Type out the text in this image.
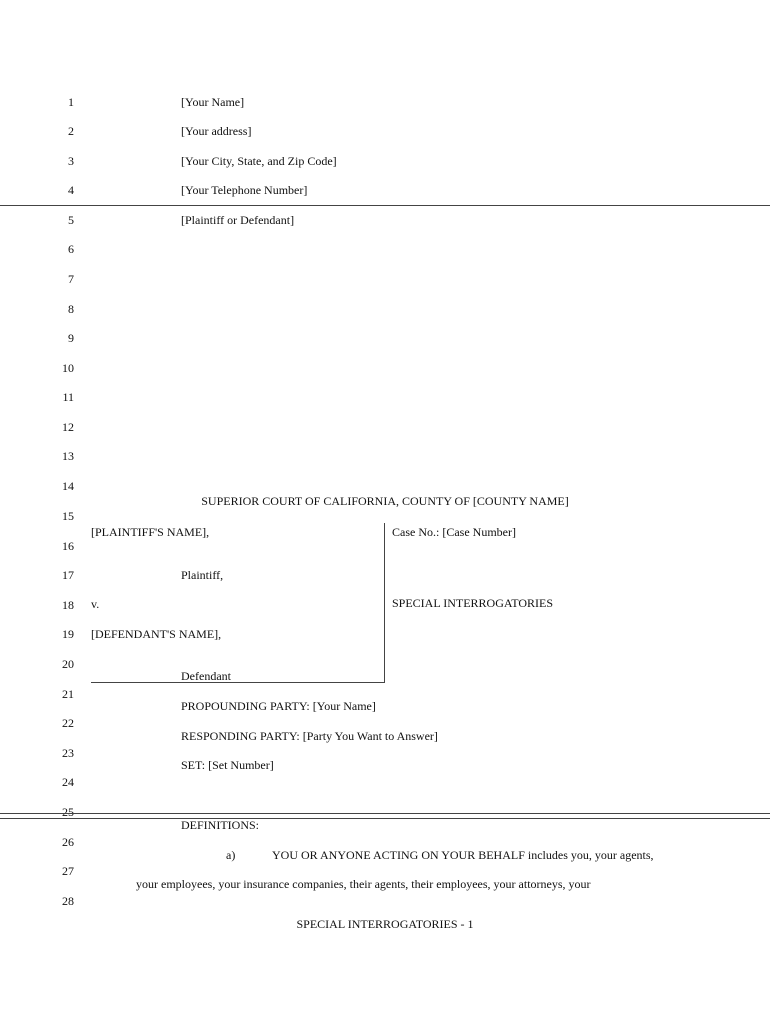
1
2
3
4
5
6
7
8
9
10
11
12
13
14
15
16
17
18
19
20
21
22
23
24
25
26
27
28
[Your Name]
[Your address]
[Your City, State, and Zip Code]
[Your Telephone Number]
[Plaintiff or Defendant]
SUPERIOR COURT OF CALIFORNIA, COUNTY OF [COUNTY NAME]
[PLAINTIFF'S NAME],
Plaintiff,
v.
[DEFENDANT'S NAME],
Defendant
Case No.: [Case Number]
SPECIAL INTERROGATORIES
PROPOUNDING PARTY: [Your Name]
RESPONDING PARTY: [Party You Want to Answer]
SET: [Set Number]
DEFINITIONS:
a)	YOU OR ANYONE ACTING ON YOUR BEHALF includes you, your agents,
your employees, your insurance companies, their agents, their employees, your attorneys, your
SPECIAL INTERROGATORIES - 1
